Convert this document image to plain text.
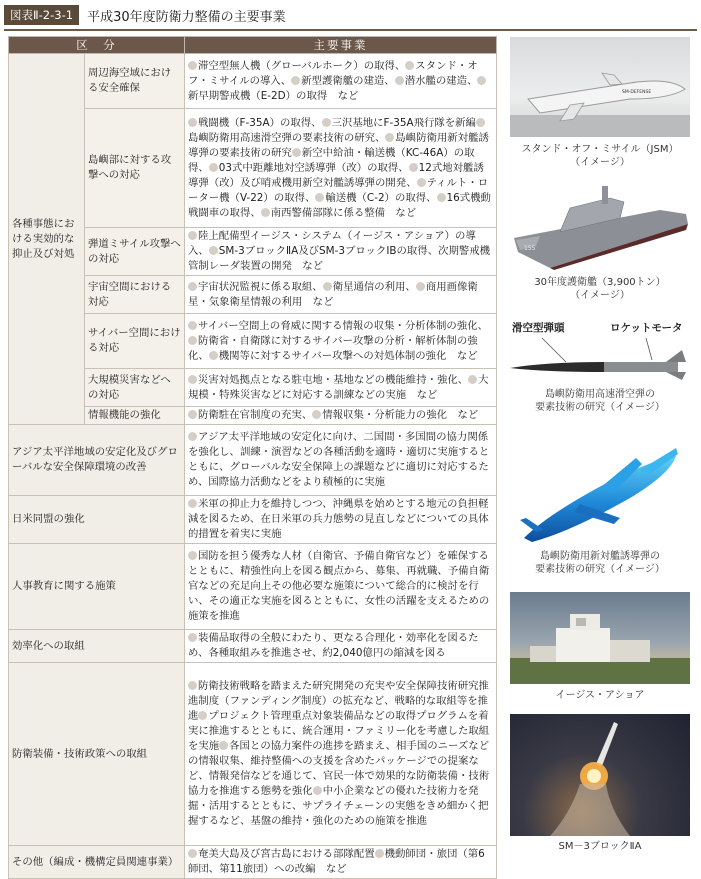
図表Ⅱ-2-3-1	平成30年度防衛力整備の主要事業
区　分		主要事業
各種事態における実効的な抑止及び対処	周辺海空域における安全確保	滞空型無人機（グローバルホーク）の取得、 スタンド・オフ・ミサイルの導入、 新型護衛艦の建造、 潜水艦の建造、新早期警戒機（E-2D）の取得　など
	島嶼部に対する攻撃への対応	戦闘機（F-35A）の取得、 三沢基地にF-35A飛行隊を新編島嶼防衛用高速滑空弾の要素技術の研究、 島嶼防衛用新対艦誘導弾の要素技術の研究 新空中給油・輸送機（KC-46A）の取得、 03式中距離地対空誘導弾（改）の取得、 12式地対艦誘導弾（改）及び哨戒機用新空対艦誘導弾の開発、 ティルト・ローター機（V-22）の取得、 輸送機（C-2）の取得、 16式機動戦闘車の取得、 南西警備部隊に係る整備　など
	弾道ミサイル攻撃への対応	陸上配備型イージス・システム（イージス・アショア）の導入、 SM-3ブロックⅡA及びSM-3ブロックⅠBの取得、次期警戒機管制レーダ装置の開発　など
	宇宙空間における対応	宇宙状況監視に係る取組、 衛星通信の利用、 商用画像衛星・気象衛星情報の利用　など
	サイバー空間における対応	サイバー空間上の脅威に関する情報の収集・分析体制の強化、防衛省・自衛隊に対するサイバー攻撃の分析・解析体制の強化、 機関等に対するサイバー攻撃への対処体制の強化　など
	大規模災害などへの対応	災害対処拠点となる駐屯地・基地などの機能維持・強化、 大規模・特殊災害などに対応する訓練などの実施　など
	情報機能の強化	防衛駐在官制度の充実、 情報収集・分析能力の強化　など
アジア太平洋地域の安定化及びグローバルな安全保障環境の改善		アジア太平洋地域の安定化に向け、二国間・多国間の協力関係を強化し、訓練・演習などの各種活動を適時・適切に実施するとともに、グローバルな安全保障上の課題などに適切に対応するため、国際協力活動などをより積極的に実施
日米同盟の強化		米軍の抑止力を維持しつつ、沖縄県を始めとする地元の負担軽減を図るため、在日米軍の兵力態勢の見直しなどについての具体的措置を着実に実施
人事教育に関する施策		国防を担う優秀な人材（自衛官、予備自衛官など）を確保するとともに、精強性向上を図る観点から、募集、再就職、予備自衛官などの充足向上その他必要な施策について総合的に検討を行い、その適正な実施を図るとともに、女性の活躍を支えるための施策を推進
効率化への取組		装備品取得の全般にわたり、更なる合理化・効率化を図るため、各種取組みを推進させ、約2,040億円の縮減を図る
防衛装備・技術政策への取組		防衛技術戦略を踏まえた研究開発の充実や安全保障技術研究推進制度（ファンディング制度）の拡充など、戦略的な取組等を推進 プロジェクト管理重点対象装備品などの取得プログラムを着実に推進するとともに、統合運用・ファミリー化を考慮した取組を実施 各国との協力案件の進捗を踏まえ、相手国のニーズなどの情報収集、維持整備への支援を含めたパッケージでの提案など、情報発信などを通じて、官民一体で効果的な防衛装備・技術協力を推進する態勢を強化 中小企業などの優れた技術力を発掘・活用するとともに、サプライチェーンの実態をきめ細かく把握するなど、基盤の維持・強化のための施策を推進
その他（編成・機構定員関連事業）		奄美大島及び宮古島における部隊配置 機動師団・旅団（第6師団、第11旅団）への改編　など
SM-DEFENSE
スタンド・オフ・ミサイル（JSM）
（イメージ）
155
30年度護衛艦（3,900トン）
（イメージ）
滑空型弾頭	ロケットモータ
島嶼防衛用高速滑空弾の
要素技術の研究（イメージ）
島嶼防衛用新対艦誘導弾の
要素技術の研究（イメージ）
イージス・アショア
SM－3ブロックⅡA
